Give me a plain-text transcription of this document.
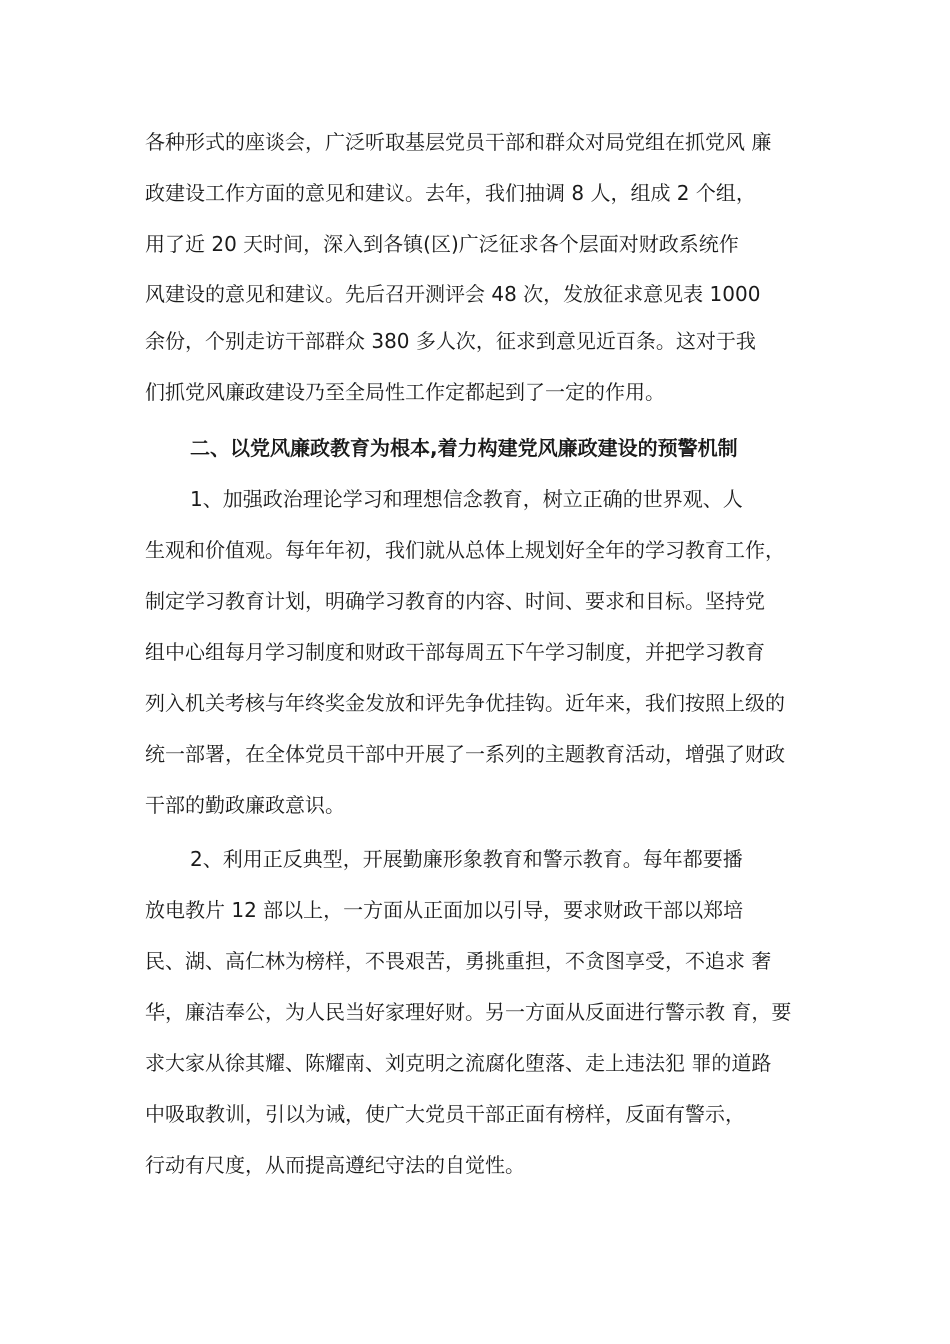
各种形式的座谈会，广泛听取基层党员干部和群众对局党组在抓党风 廉
政建设工作方面的意见和建议。去年，我们抽调 8 人，组成 2 个组，
用了近 20 天时间，深入到各镇(区)广泛征求各个层面对财政系统作
风建设的意见和建议。先后召开测评会 48 次，发放征求意见表 1000
余份，个别走访干部群众 380 多人次，征求到意见近百条。这对于我
们抓党风廉政建设乃至全局性工作定都起到了一定的作用。
二、以党风廉政教育为根本,着力构建党风廉政建设的预警机制
1、加强政治理论学习和理想信念教育，树立正确的世界观、人
生观和价值观。每年年初，我们就从总体上规划好全年的学习教育工作，
制定学习教育计划，明确学习教育的内容、时间、要求和目标。坚持党
组中心组每月学习制度和财政干部每周五下午学习制度，并把学习教育
列入机关考核与年终奖金发放和评先争优挂钩。近年来，我们按照上级的
统一部署，在全体党员干部中开展了一系列的主题教育活动，增强了财政
干部的勤政廉政意识。
2、利用正反典型，开展勤廉形象教育和警示教育。每年都要播
放电教片 12 部以上，一方面从正面加以引导，要求财政干部以郑培
民、湖、高仁林为榜样，不畏艰苦，勇挑重担，不贪图享受，不追求 奢
华，廉洁奉公，为人民当好家理好财。另一方面从反面进行警示教 育，要
求大家从徐其耀、陈耀南、刘克明之流腐化堕落、走上违法犯 罪的道路
中吸取教训，引以为诫，使广大党员干部正面有榜样，反面有警示，
行动有尺度，从而提高遵纪守法的自觉性。
